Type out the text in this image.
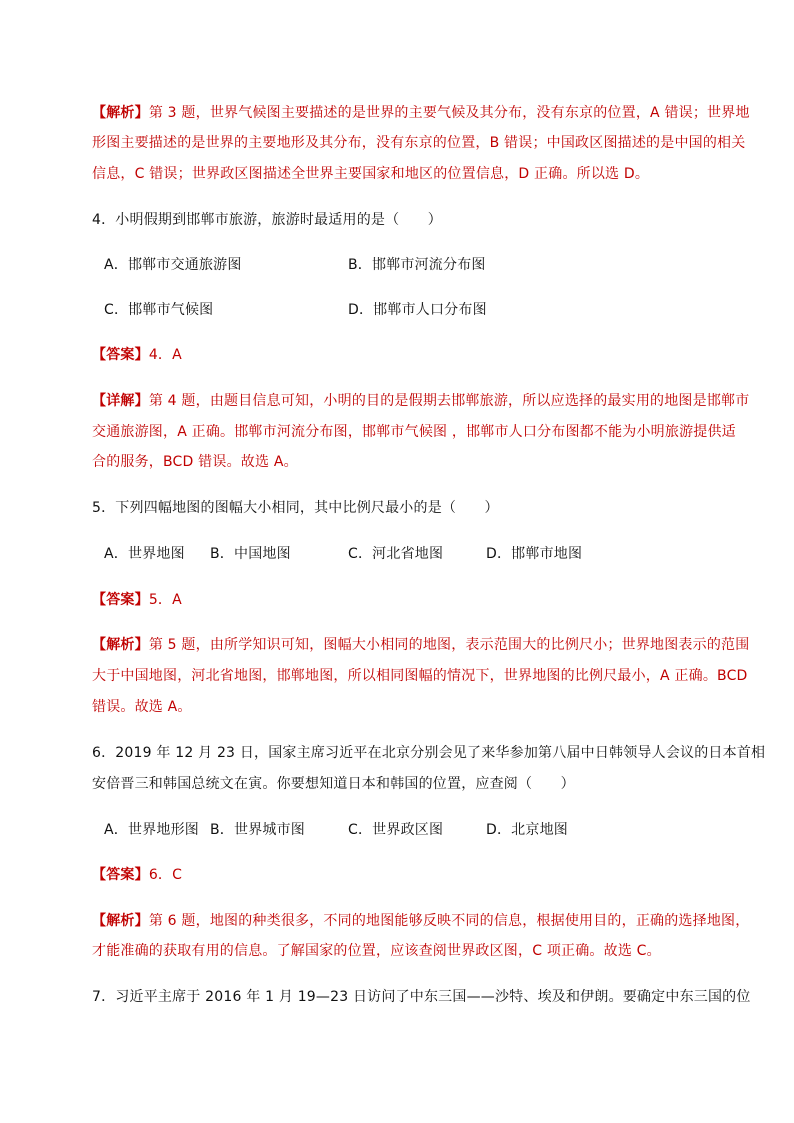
【解析】第 3 题，世界气候图主要描述的是世界的主要气候及其分布，没有东京的位置，A 错误；世界地
形图主要描述的是世界的主要地形及其分布，没有东京的位置，B 错误；中国政区图描述的是中国的相关
信息，C 错误；世界政区图描述全世界主要国家和地区的位置信息，D 正确。所以选 D。
4．小明假期到邯郸市旅游，旅游时最适用的是（　　）
A．邯郸市交通旅游图	B．邯郸市河流分布图
C．邯郸市气候图	D．邯郸市人口分布图
【答案】4．A
【详解】第 4 题，由题目信息可知，小明的目的是假期去邯郸旅游，所以应选择的最实用的地图是邯郸市
交通旅游图，A 正确。邯郸市河流分布图，邯郸市气候图 ，邯郸市人口分布图都不能为小明旅游提供适
合的服务，BCD 错误。故选 A。
5．下列四幅地图的图幅大小相同，其中比例尺最小的是（　　）
A．世界地图 B．中国地图	C．河北省地图	D．邯郸市地图
【答案】5．A
【解析】第 5 题，由所学知识可知，图幅大小相同的地图，表示范围大的比例尺小；世界地图表示的范围
大于中国地图，河北省地图，邯郸地图，所以相同图幅的情况下，世界地图的比例尺最小，A 正确。BCD
错误。故选 A。
6．2019 年 12 月 23 日，国家主席习近平在北京分别会见了来华参加第八届中日韩领导人会议的日本首相
安倍晋三和韩国总统文在寅。你要想知道日本和韩国的位置，应查阅（　　）
A．世界地形图 B．世界城市图	C．世界政区图	D．北京地图
【答案】6．C
【解析】第 6 题，地图的种类很多，不同的地图能够反映不同的信息，根据使用目的，正确的选择地图，
才能准确的获取有用的信息。了解国家的位置，应该查阅世界政区图，C 项正确。故选 C。
7．习近平主席于 2016 年 1 月 19—23 日访问了中东三国——沙特、埃及和伊朗。要确定中东三国的位
